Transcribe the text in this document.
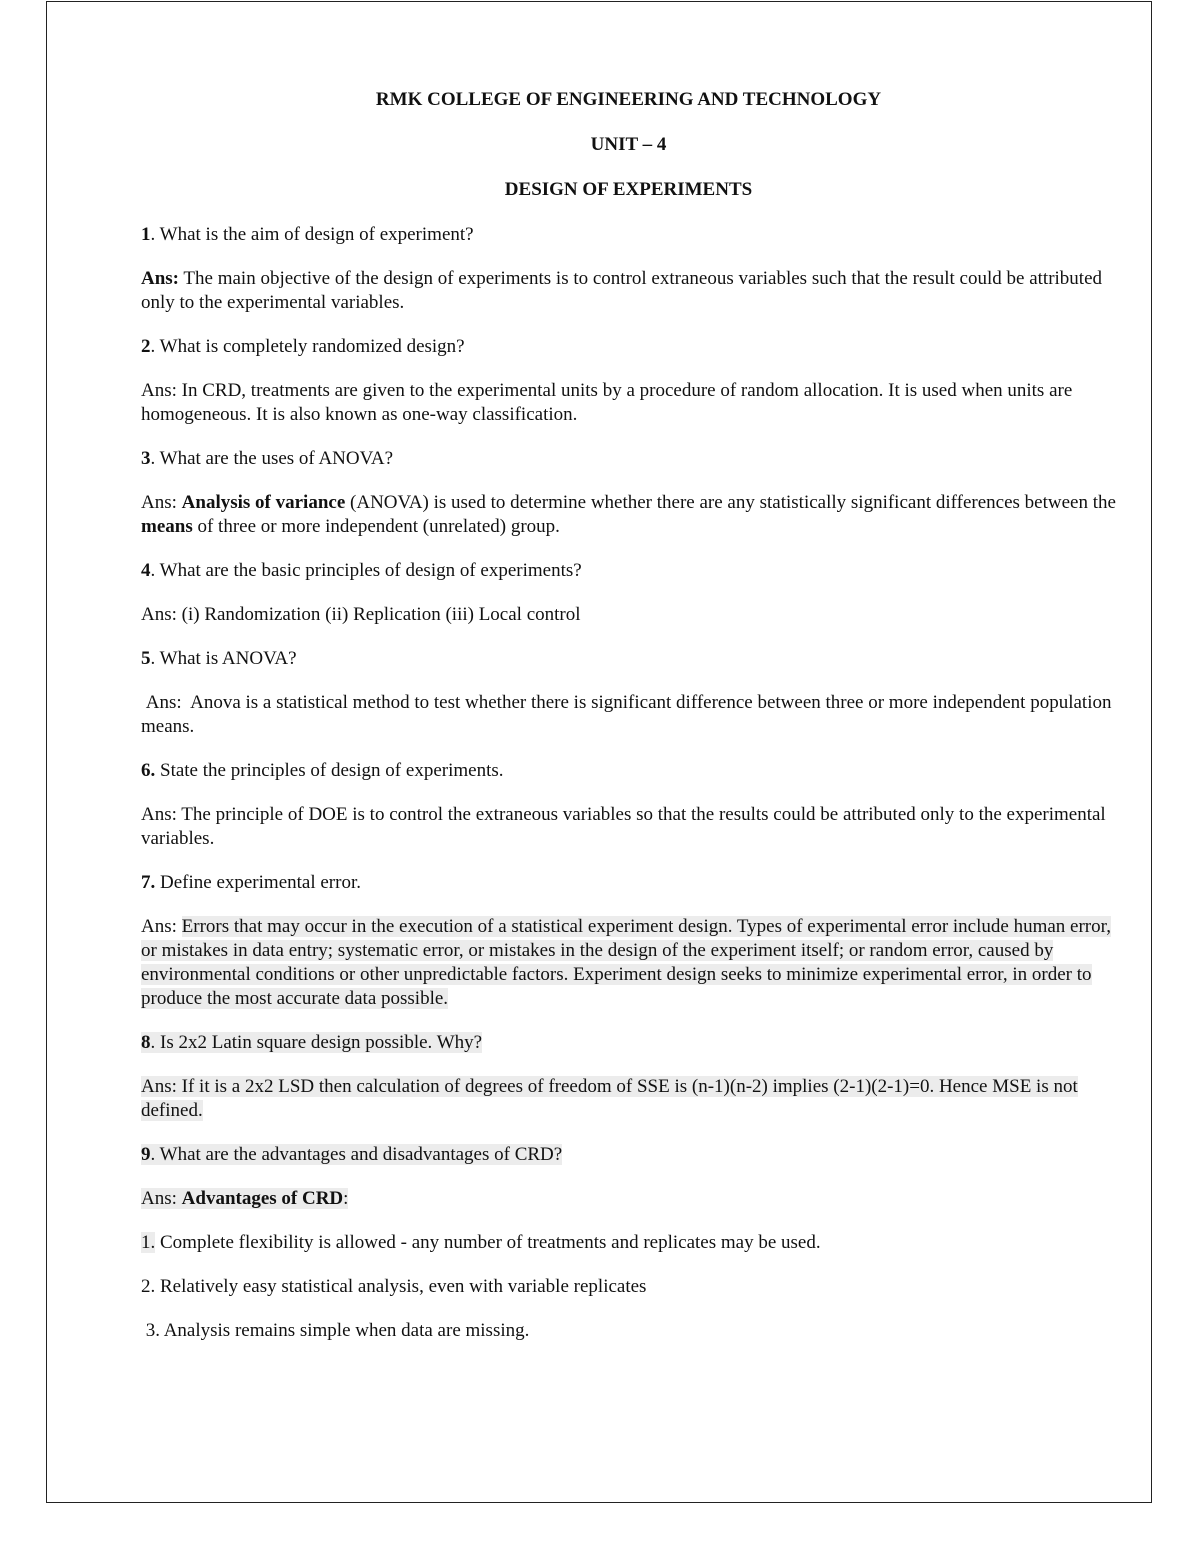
RMK COLLEGE OF ENGINEERING AND TECHNOLOGY

UNIT – 4

DESIGN OF EXPERIMENTS

1. What is the aim of design of experiment?

Ans: The main objective of the design of experiments is to control extraneous variables such that the result could be attributed only to the experimental variables.

2. What is completely randomized design?

Ans: In CRD, treatments are given to the experimental units by a procedure of random allocation. It is used when units are homogeneous. It is also known as one-way classification.

3. What are the uses of ANOVA?

Ans: Analysis of variance (ANOVA) is used to determine whether there are any statistically significant differences between the means of three or more independent (unrelated) group.

4. What are the basic principles of design of experiments?

Ans: (i) Randomization (ii) Replication (iii) Local control

5. What is ANOVA?

Ans:  Anova is a statistical method to test whether there is significant difference between three or more independent population means.

6. State the principles of design of experiments.

Ans: The principle of DOE is to control the extraneous variables so that the results could be attributed only to the experimental variables.

7. Define experimental error.

Ans: Errors that may occur in the execution of a statistical experiment design. Types of experimental error include human error, or mistakes in data entry; systematic error, or mistakes in the design of the experiment itself; or random error, caused by environmental conditions or other unpredictable factors. Experiment design seeks to minimize experimental error, in order to produce the most accurate data possible.

8. Is 2x2 Latin square design possible. Why?

Ans: If it is a 2x2 LSD then calculation of degrees of freedom of SSE is (n-1)(n-2) implies (2-1)(2-1)=0. Hence MSE is not defined.

9. What are the advantages and disadvantages of CRD?

Ans: Advantages of CRD:

1. Complete flexibility is allowed - any number of treatments and replicates may be used.

2. Relatively easy statistical analysis, even with variable replicates

3. Analysis remains simple when data are missing.
